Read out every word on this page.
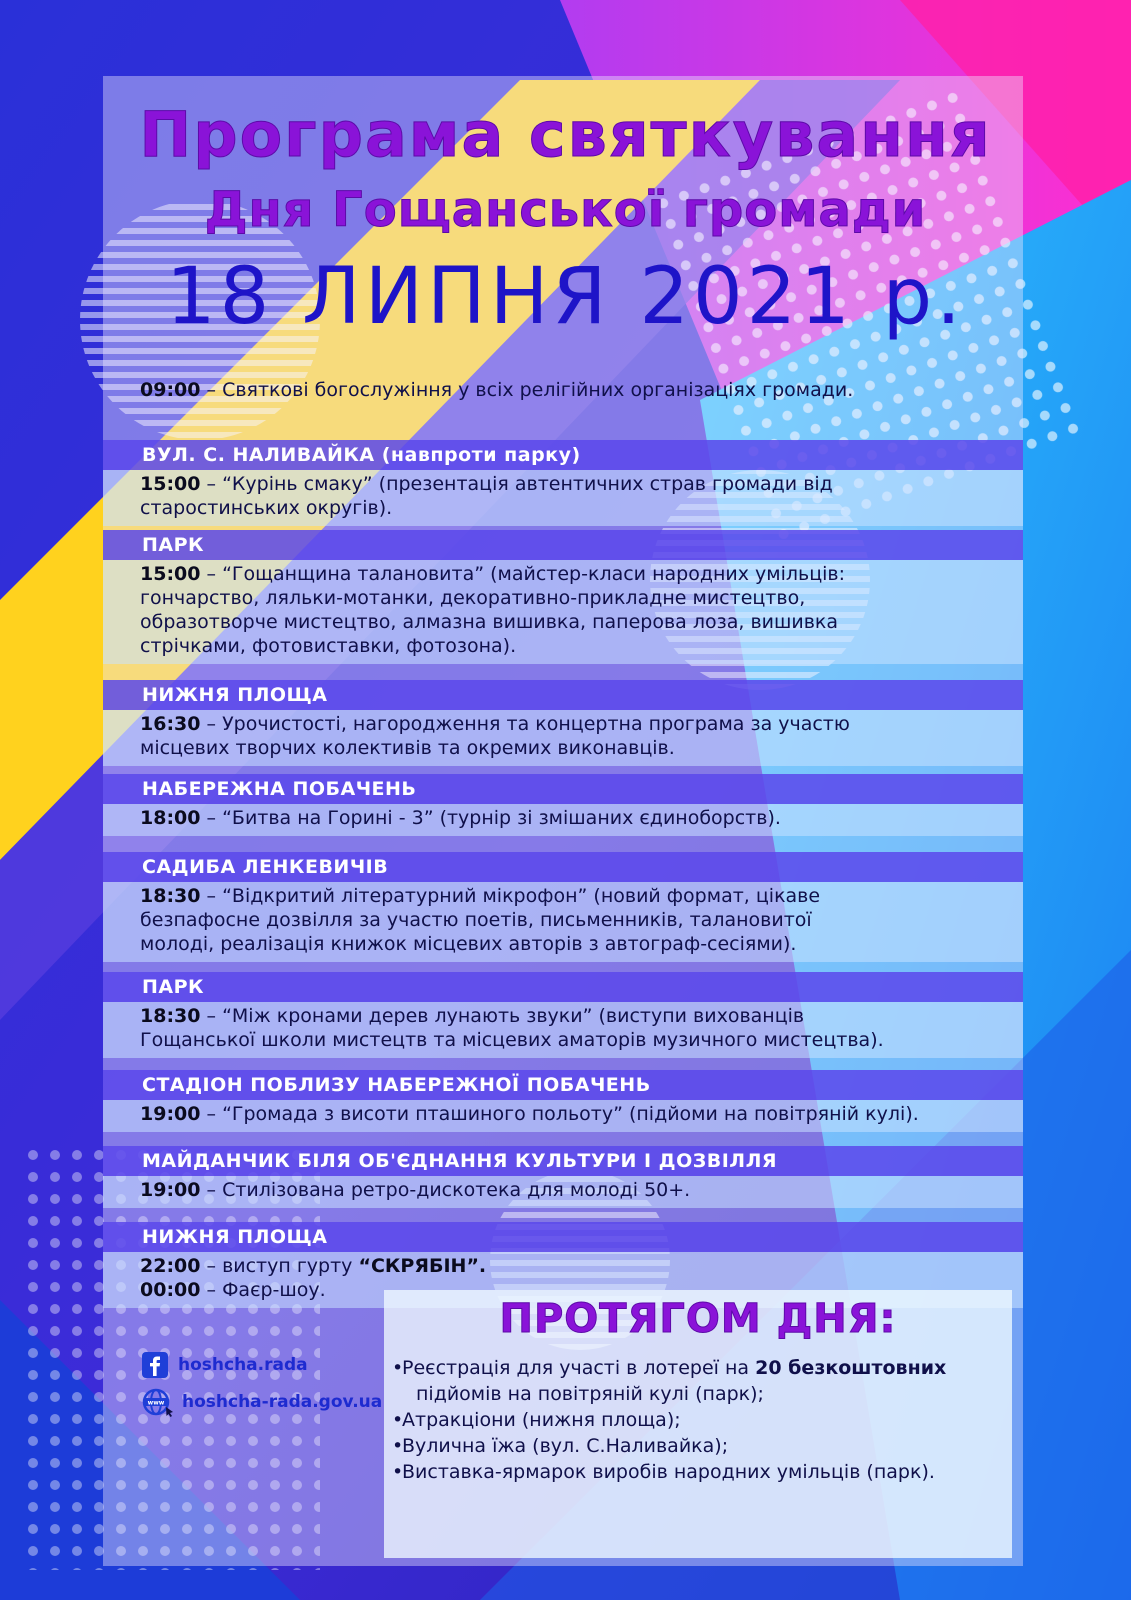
Програма святкування
Дня Гощанської громади
18 ЛИПНЯ 2021 р.
09:00 – Святкові богослужіння у всіх релігійних організаціях громади.
ВУЛ. С. НАЛИВАЙКА (навпроти парку)
15:00 – “Курінь смаку” (презентація автентичних страв громади від
старостинських округів).
ПАРК
15:00 – “Гощанщина талановита” (майстер-класи народних умільців:
гончарство, ляльки-мотанки, декоративно-прикладне мистецтво,
образотворче мистецтво, алмазна вишивка, паперова лоза, вишивка
стрічками, фотовиставки, фотозона).
НИЖНЯ ПЛОЩА
16:30 – Урочистості, нагородження та концертна програма за участю
місцевих творчих колективів та окремих виконавців.
НАБЕРЕЖНА ПОБАЧЕНЬ
18:00 – “Битва на Горині - 3” (турнір зі змішаних єдиноборств).
САДИБА ЛЕНКЕВИЧІВ
18:30 – “Відкритий літературний мікрофон” (новий формат, цікаве
безпафосне дозвілля за участю поетів, письменників, талановитої
молоді, реалізація книжок місцевих авторів з автограф-сесіями).
ПАРК
18:30 – “Між кронами дерев лунають звуки” (виступи вихованців
Гощанської школи мистецтв та місцевих аматорів музичного мистецтва).
СТАДІОН ПОБЛИЗУ НАБЕРЕЖНОЇ ПОБАЧЕНЬ
19:00 – “Громада з висоти пташиного польоту” (підйоми на повітряній кулі).
МАЙДАНЧИК БІЛЯ ОБ'ЄДНАННЯ КУЛЬТУРИ І ДОЗВІЛЛЯ
19:00 – Стилізована ретро-дискотека для молоді 50+.
НИЖНЯ ПЛОЩА
22:00 – виступ гурту “СКРЯБІН”.
00:00 – Фаєр-шоу.
ПРОТЯГОМ ДНЯ:
•Реєстрація для участі в лотереї на 20 безкоштовних
підйомів на повітряній кулі (парк);
•Атракціони (нижня площа);
•Вулична їжа (вул. С.Наливайка);
•Виставка-ярмарок виробів народних умільців (парк).
hoshcha.rada
www hoshcha-rada.gov.ua
